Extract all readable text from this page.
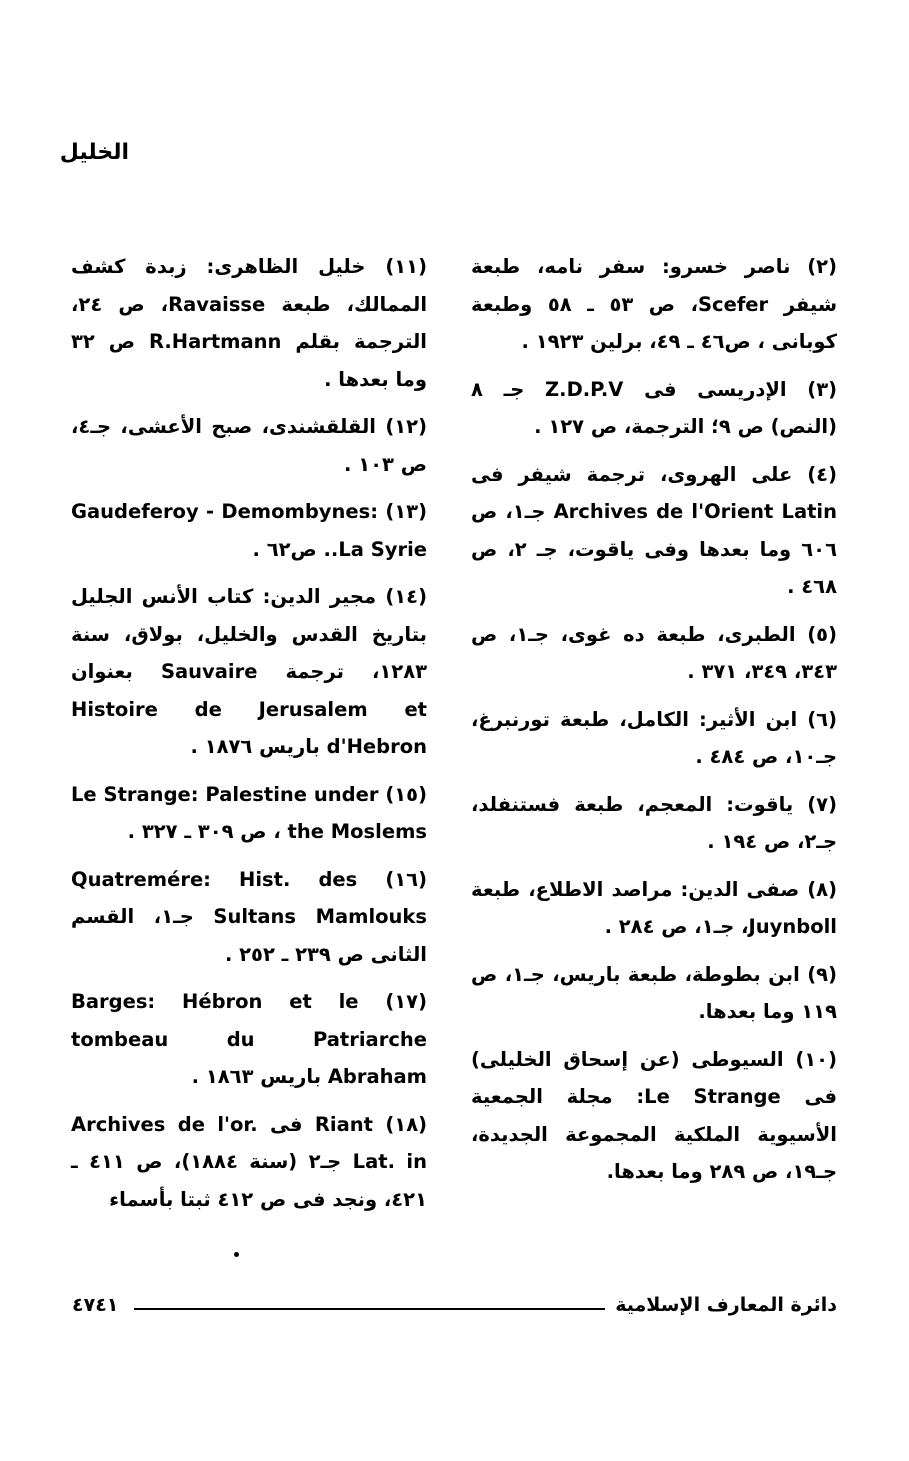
الخليل

(٢) ناصر خسرو: سفر نامه، طبعة شيفر Scefer، ص ٥٣ ـ ٥٨ وطبعة كوبانى ، ص٤٦ ـ ٤٩، برلين ١٩٢٣ .

(٣) الإدريسى فى Z.D.P.V جـ ٨ (النص) ص ٩؛ الترجمة، ص ١٢٧ .

(٤) على الهروى، ترجمة شيفر فى Archives de l'Orient Latin جـ١، ص ٦٠٦ وما بعدها وفى ياقوت، جـ ٢، ص ٤٦٨ .

(٥) الطبرى، طبعة ده غوى، جـ١، ص ٣٤٣، ٣٤٩، ٣٧١ .

(٦) ابن الأثير: الكامل، طبعة تورنبرغ، جـ١٠، ص ٤٨٤ .

(٧) ياقوت: المعجم، طبعة فستنفلد، جـ٢، ص ١٩٤ .

(٨) صفى الدين: مراصد الاطلاع، طبعة Juynboll، جـ١، ص ٢٨٤ .

(٩) ابن بطوطة، طبعة باريس، جـ١، ص ١١٩ وما بعدها.

(١٠) السيوطى (عن إسحاق الخليلى) فى Le Strange: مجلة الجمعية الأسيوية الملكية المجموعة الجديدة، جـ١٩، ص ٢٨٩ وما بعدها.

(١١) خليل الظاهرى: زبدة كشف الممالك، طبعة Ravaisse، ص ٢٤، الترجمة بقلم R.Hartmann ص ٣٢ وما بعدها .

(١٢) القلقشندى، صبح الأعشى، جـ٤، ص ١٠٣ .

(١٣) Gaudeferoy - Demombynes: La Syrie.. ص٦٢ .

(١٤) مجير الدين: كتاب الأنس الجليل بتاريخ القدس والخليل، بولاق، سنة ١٢٨٣، ترجمة Sauvaire بعنوان Histoire de Jerusalem et d'Hebron باريس ١٨٧٦ .

(١٥) Le Strange: Palestine under the Moslems ، ص ٣٠٩ ـ ٣٢٧ .

(١٦) Quatremére: Hist. des Sultans Mamlouks جـ١، القسم الثانى ص ٢٣٩ ـ ٢٥٢ .

(١٧) Barges: Hébron et le tombeau du Patriarche Abraham باريس ١٨٦٣ .

(١٨) Riant فى Archives de l'or. Lat. in جـ٢ (سنة ١٨٨٤)، ص ٤١١ ـ ٤٢١، ونجد فى ص ٤١٢ ثبتا بأسماء

دائرة المعارف الإسلامية
٤٧٤١
